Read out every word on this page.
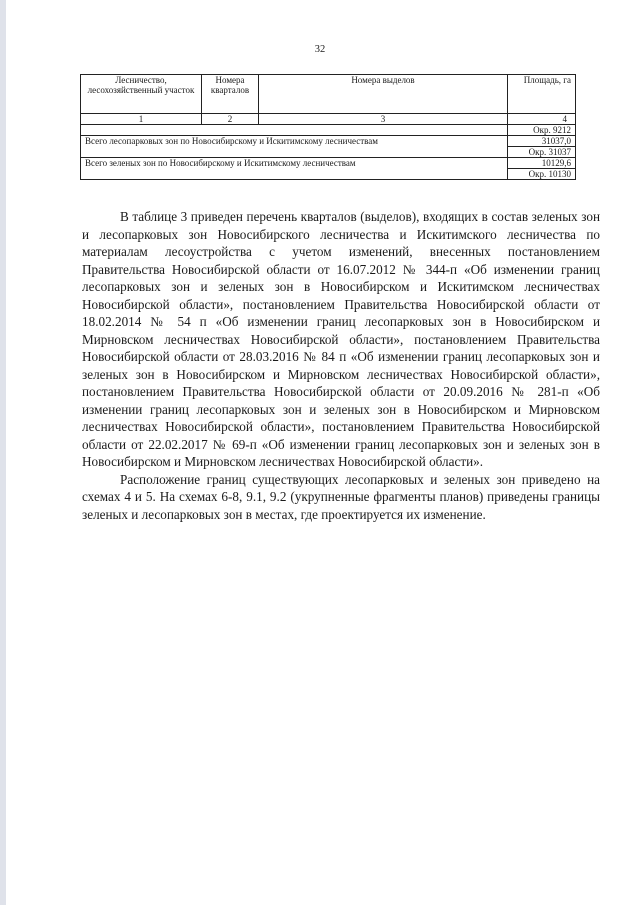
32
Лесничество, лесохозяйственный участок	Номера кварталов	Номера выделов	Площадь, га
1	2	3	4
			Окр. 9212
Всего лесопарковых зон по Новосибирскому и Искитимскому лесничествам			31037,0
			Окр. 31037
Всего зеленых зон по Новосибирскому и Искитимскому лесничествам			10129,6
			Окр. 10130

В таблице 3 приведен перечень кварталов (выделов), входящих в состав зеленых зон и лесопарковых зон Новосибирского лесничества и Искитимского лесничества по материалам лесоустройства с учетом изменений, внесенных постановлением Правительства Новосибирской области от 16.07.2012 № 344-п «Об изменении границ лесопарковых зон и зеленых зон в Новосибирском и Искитимском лесничествах Новосибирской области», постановлением Правительства Новосибирской области от 18.02.2014 № 54 п «Об изменении границ лесопарковых зон в Новосибирском и Мирновском лесничествах Новосибирской области», постановлением Правительства Новосибирской области от 28.03.2016 № 84 п «Об изменении границ лесопарковых зон и зеленых зон в Новосибирском и Мирновском лесничествах Новосибирской области», постановлением Правительства Новосибирской области от 20.09.2016 № 281-п «Об изменении границ лесопарковых зон и зеленых зон в Новосибирском и Мирновском лесничествах Новосибирской области», постановлением Правительства Новосибирской области от 22.02.2017 № 69-п «Об изменении границ лесопарковых зон и зеленых зон в Новосибирском и Мирновском лесничествах Новосибирской области».

Расположение границ существующих лесопарковых и зеленых зон приведено на схемах 4 и 5. На схемах 6-8, 9.1, 9.2 (укрупненные фрагменты планов) приведены границы зеленых и лесопарковых зон в местах, где проектируется их изменение.
